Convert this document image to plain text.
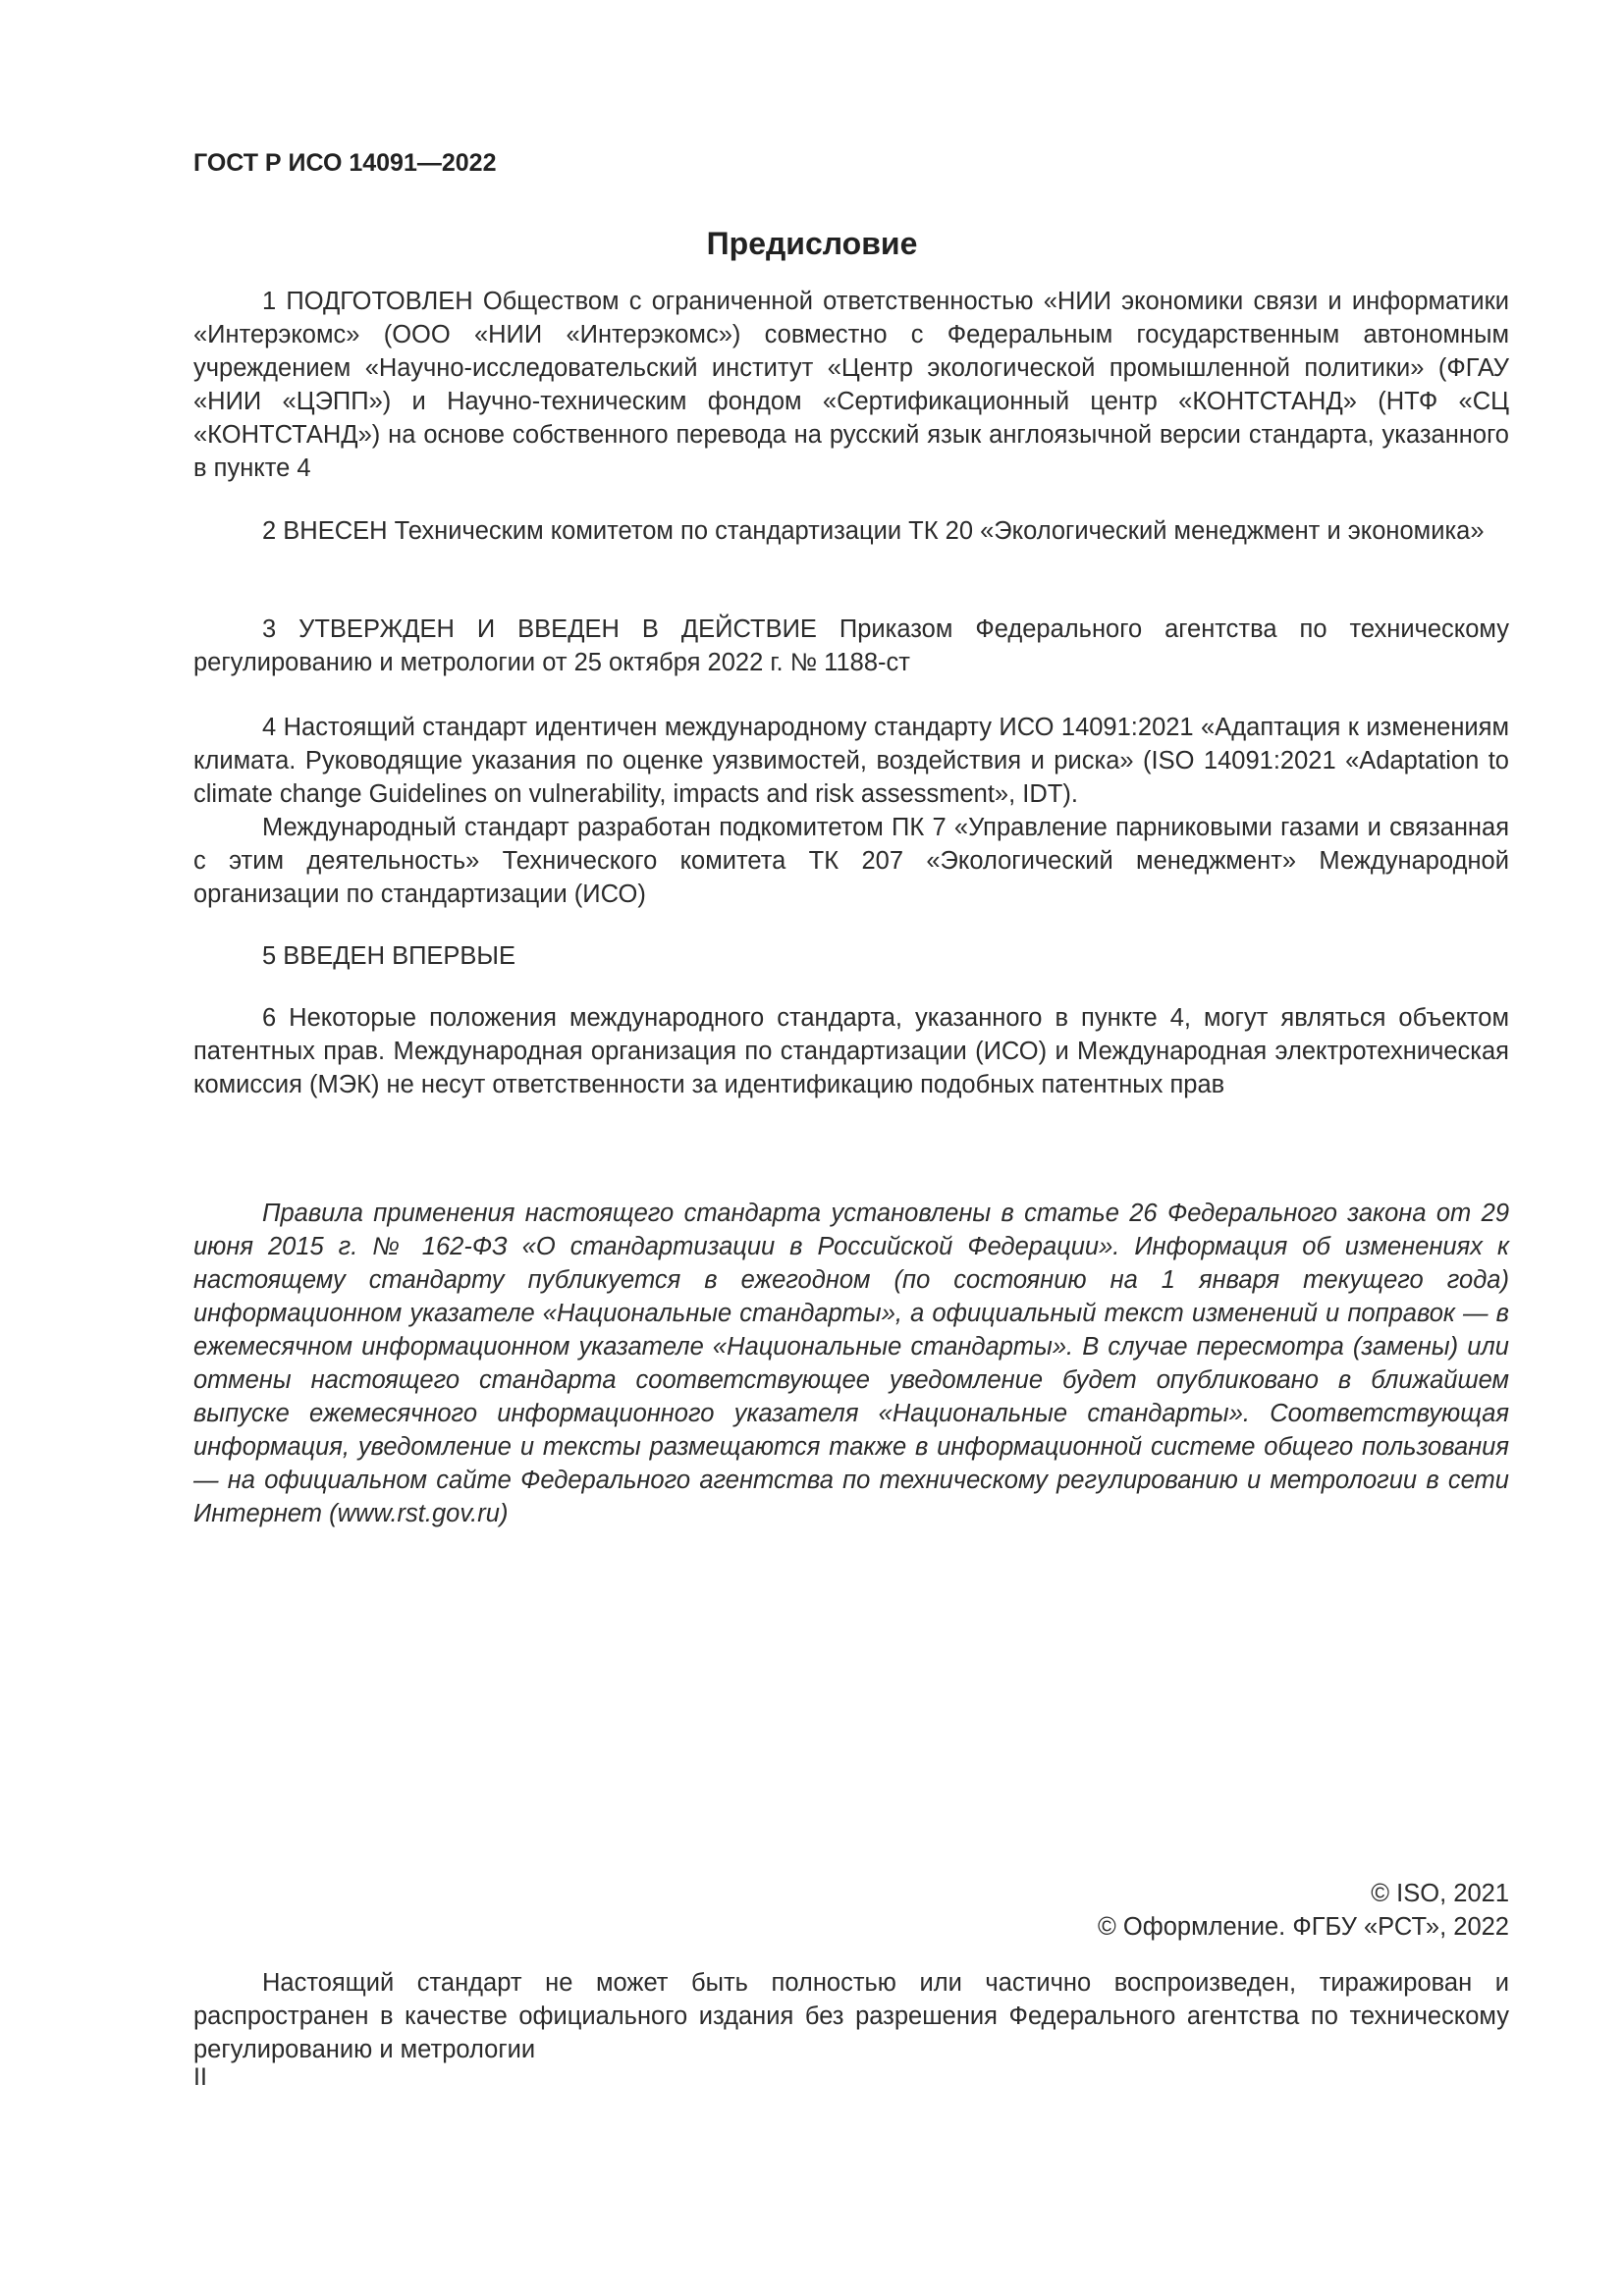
ГОСТ Р ИСО 14091—2022
Предисловие

1 ПОДГОТОВЛЕН Обществом с ограниченной ответственностью «НИИ экономики связи и информатики «Интерэкомс» (ООО «НИИ «Интерэкомс») совместно с Федеральным государственным автономным учреждением «Научно-исследовательский институт «Центр экологической промышленной политики» (ФГАУ «НИИ «ЦЭПП») и Научно-техническим фондом «Сертификационный центр «КОНТСТАНД» (НТФ «СЦ «КОНТСТАНД») на основе собственного перевода на русский язык англоязычной версии стандарта, указанного в пункте 4

2 ВНЕСЕН Техническим комитетом по стандартизации ТК 20 «Экологический менеджмент и экономика»

3 УТВЕРЖДЕН И ВВЕДЕН В ДЕЙСТВИЕ Приказом Федерального агентства по техническому регулированию и метрологии от 25 октября 2022 г. № 1188-ст

4 Настоящий стандарт идентичен международному стандарту ИСО 14091:2021 «Адаптация к изменениям климата. Руководящие указания по оценке уязвимостей, воздействия и риска» (ISO 14091:2021 «Adaptation to climate change Guidelines on vulnerability, impacts and risk assessment», IDT).

Международный стандарт разработан подкомитетом ПК 7 «Управление парниковыми газами и связанная с этим деятельность» Технического комитета ТК 207 «Экологический менеджмент» Международной организации по стандартизации (ИСО)

5 ВВЕДЕН ВПЕРВЫЕ

6 Некоторые положения международного стандарта, указанного в пункте 4, могут являться объектом патентных прав. Международная организация по стандартизации (ИСО) и Международная электротехническая комиссия (МЭК) не несут ответственности за идентификацию подобных патентных прав

Правила применения настоящего стандарта установлены в статье 26 Федерального закона от 29 июня 2015 г. № 162-ФЗ «О стандартизации в Российской Федерации». Информация об изменениях к настоящему стандарту публикуется в ежегодном (по состоянию на 1 января текущего года) информационном указателе «Национальные стандарты», а официальный текст изменений и поправок — в ежемесячном информационном указателе «Национальные стандарты». В случае пересмотра (замены) или отмены настоящего стандарта соответствующее уведомление будет опубликовано в ближайшем выпуске ежемесячного информационного указателя «Национальные стандарты». Соответствующая информация, уведомление и тексты размещаются также в информационной системе общего пользования — на официальном сайте Федерального агентства по техническому регулированию и метрологии в сети Интернет (www.rst.gov.ru)

© ISO, 2021
© Оформление. ФГБУ «РСТ», 2022

Настоящий стандарт не может быть полностью или частично воспроизведен, тиражирован и распространен в качестве официального издания без разрешения Федерального агентства по техническому регулированию и метрологии

II
